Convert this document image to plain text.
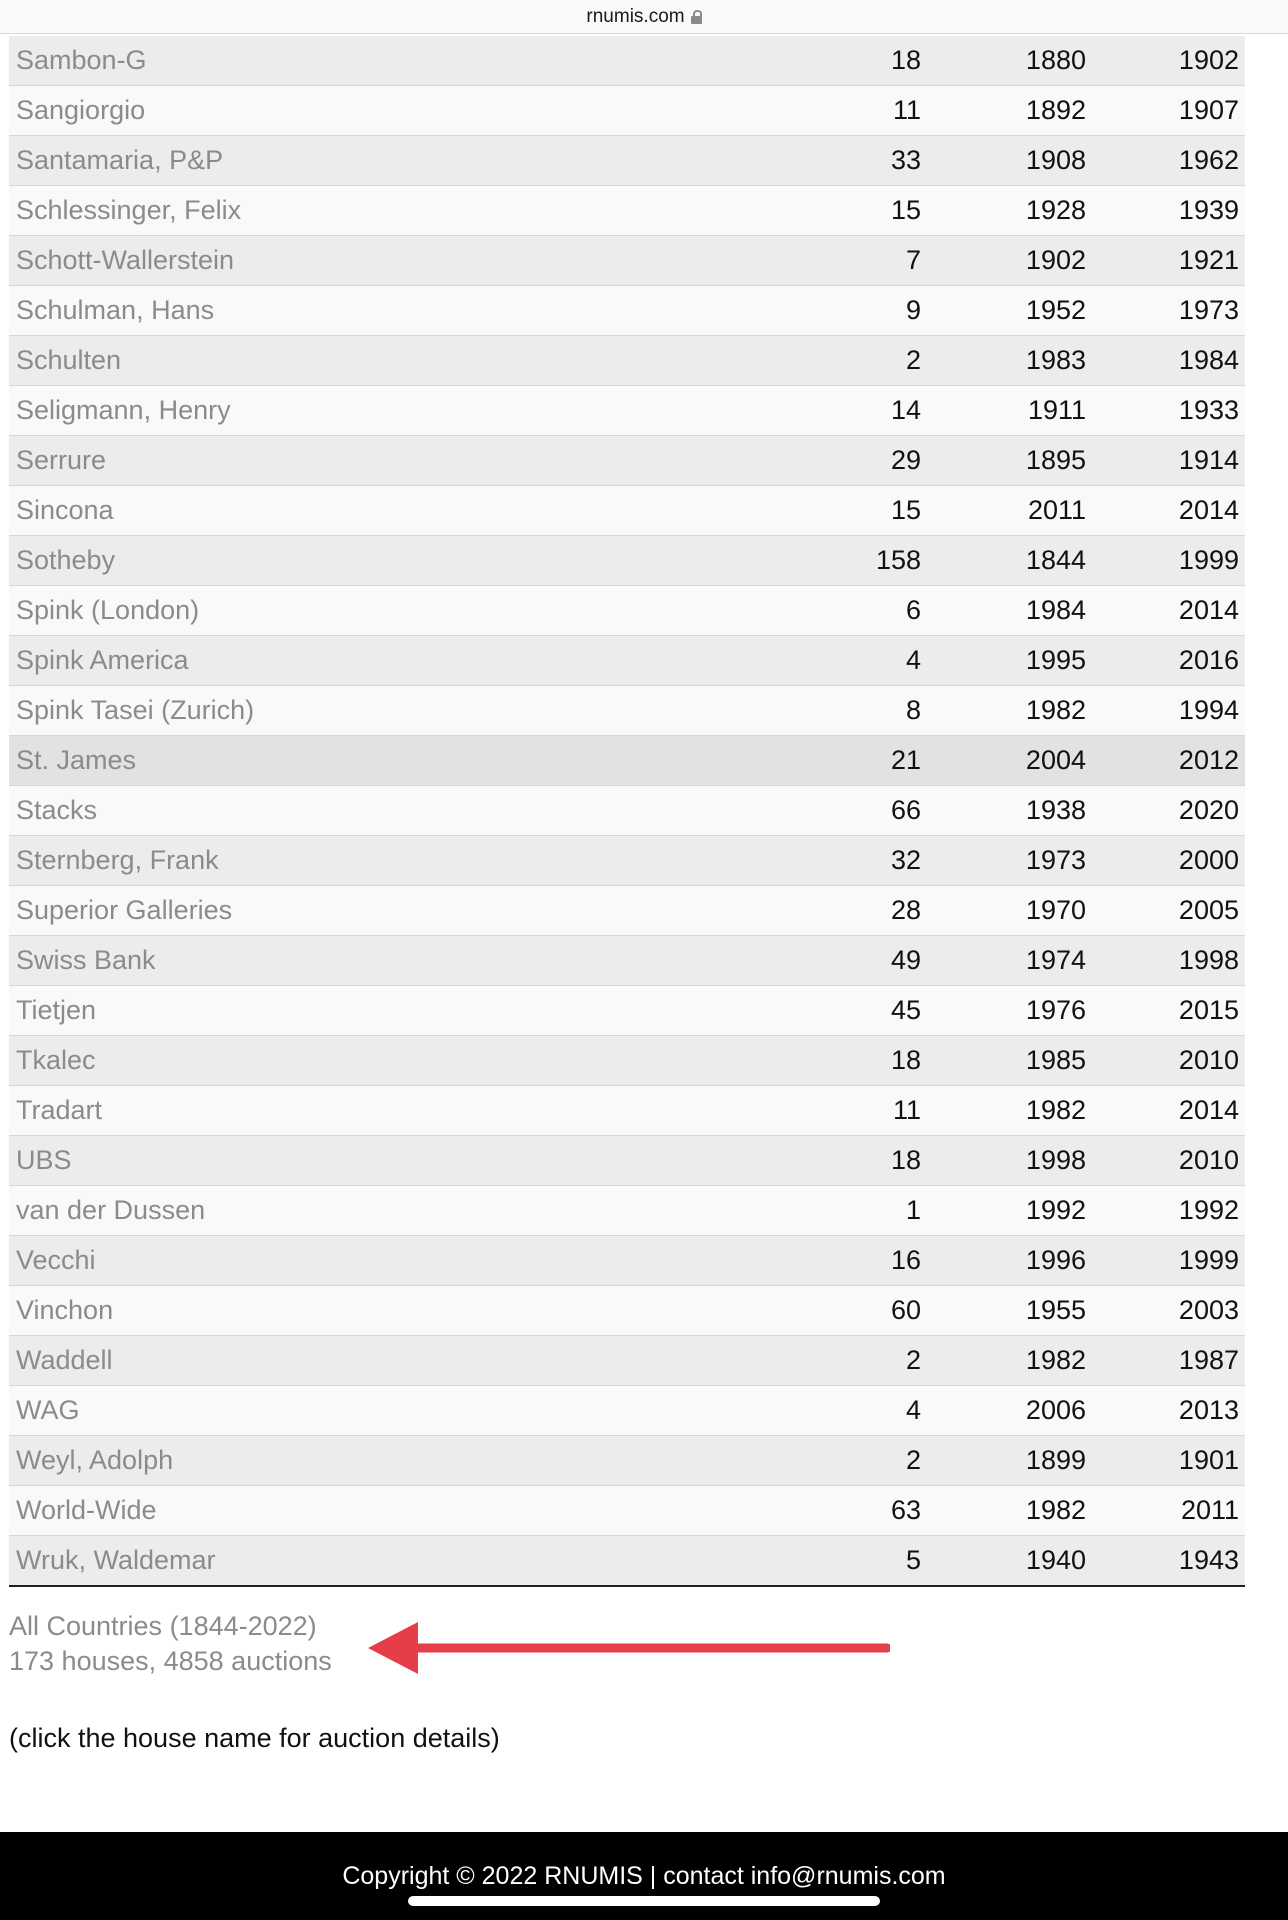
rnumis.com
Sambon-G	18	1880	1902
Sangiorgio	11	1892	1907
Santamaria, P&P	33	1908	1962
Schlessinger, Felix	15	1928	1939
Schott-Wallerstein	7	1902	1921
Schulman, Hans	9	1952	1973
Schulten	2	1983	1984
Seligmann, Henry	14	1911	1933
Serrure	29	1895	1914
Sincona	15	2011	2014
Sotheby	158	1844	1999
Spink (London)	6	1984	2014
Spink America	4	1995	2016
Spink Tasei (Zurich)	8	1982	1994
St. James	21	2004	2012
Stacks	66	1938	2020
Sternberg, Frank	32	1973	2000
Superior Galleries	28	1970	2005
Swiss Bank	49	1974	1998
Tietjen	45	1976	2015
Tkalec	18	1985	2010
Tradart	11	1982	2014
UBS	18	1998	2010
van der Dussen	1	1992	1992
Vecchi	16	1996	1999
Vinchon	60	1955	2003
Waddell	2	1982	1987
WAG	4	2006	2013
Weyl, Adolph	2	1899	1901
World-Wide	63	1982	2011
Wruk, Waldemar	5	1940	1943
All Countries (1844-2022)
173 houses, 4858 auctions
(click the house name for auction details)
Copyright © 2022 RNUMIS | contact info@rnumis.com
